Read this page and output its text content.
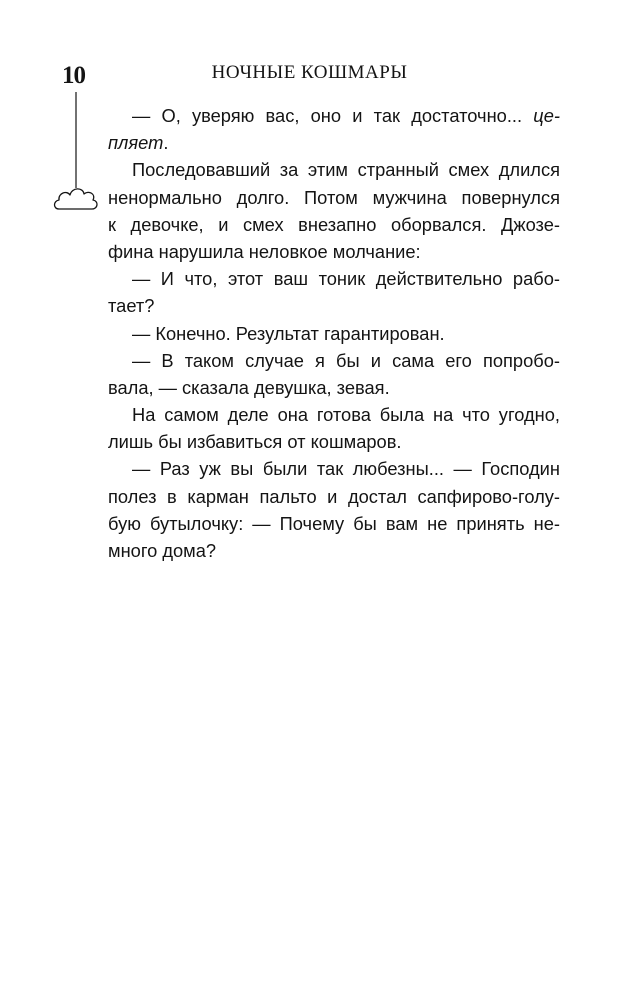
10	НОЧНЫЕ КОШМАРЫ
— О, уверяю вас, оно и так достаточно... це-
пляет.
Последовавший за этим странный смех длился
ненормально долго. Потом мужчина повернулся
к девочке, и смех внезапно оборвался. Джозе-
фина нарушила неловкое молчание:
— И что, этот ваш тоник действительно рабо-
тает?
— Конечно. Результат гарантирован.
— В таком случае я бы и сама его попробо-
вала, — сказала девушка, зевая.
На самом деле она готова была на что угодно,
лишь бы избавиться от кошмаров.
— Раз уж вы были так любезны... — Господин
полез в карман пальто и достал сапфирово-голу-
бую бутылочку: — Почему бы вам не принять не-
много дома?
